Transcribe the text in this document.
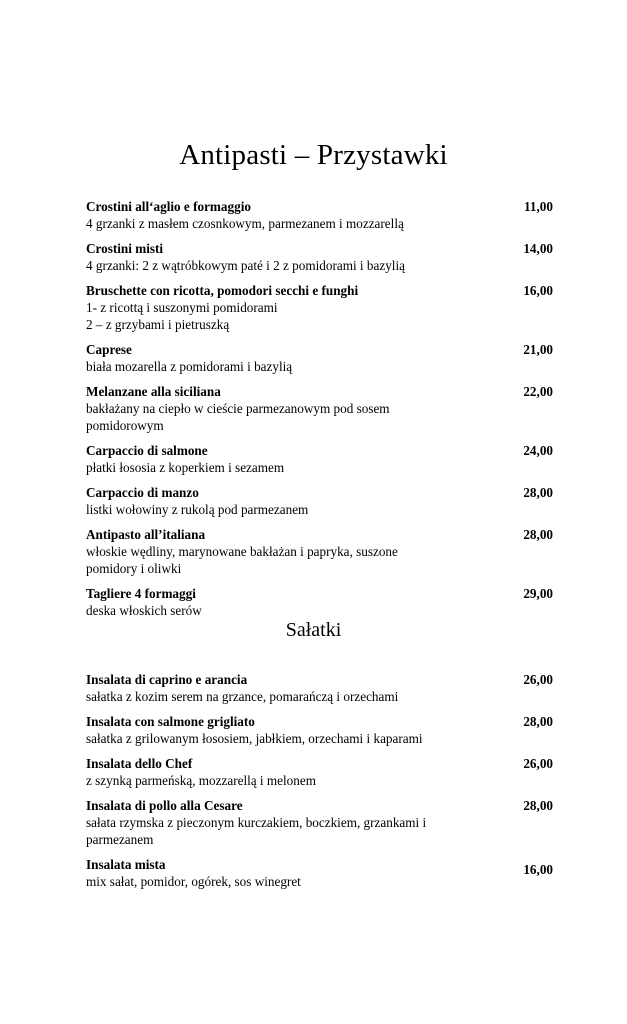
Antipasti – Przystawki
Crostini all‘aglio e formaggio
4 grzanki z masłem czosnkowym, parmezanem i mozzarellą
11,00
Crostini misti
4 grzanki: 2 z wątróbkowym paté i 2 z pomidorami i bazylią
14,00
Bruschette con ricotta, pomodori secchi e funghi
1- z ricottą i suszonymi pomidorami
2 – z grzybami i pietruszką
16,00
Caprese
biała mozarella z pomidorami i bazylią
21,00
Melanzane alla siciliana
bakłażany na ciepło w cieście parmezanowym pod sosem pomidorowym
22,00
Carpaccio di salmone
płatki łososia z koperkiem i sezamem
24,00
Carpaccio di manzo
listki wołowiny z rukolą pod parmezanem
28,00
Antipasto all’italiana
włoskie wędliny, marynowane bakłażan i papryka, suszone pomidory i oliwki
28,00
Tagliere 4 formaggi
deska włoskich serów
29,00
Sałatki
Insalata di caprino e arancia
sałatka z kozim serem na grzance, pomarańczą i orzechami
26,00
Insalata con salmone grigliato
sałatka z grilowanym łososiem, jabłkiem, orzechami i kaparami
28,00
Insalata dello Chef
z szynką parmeńską, mozzarellą i melonem
26,00
Insalata di pollo alla Cesare
sałata rzymska z pieczonym kurczakiem, boczkiem, grzankami i parmezanem
28,00
Insalata mista
mix sałat, pomidor, ogórek, sos winegret
16,00
